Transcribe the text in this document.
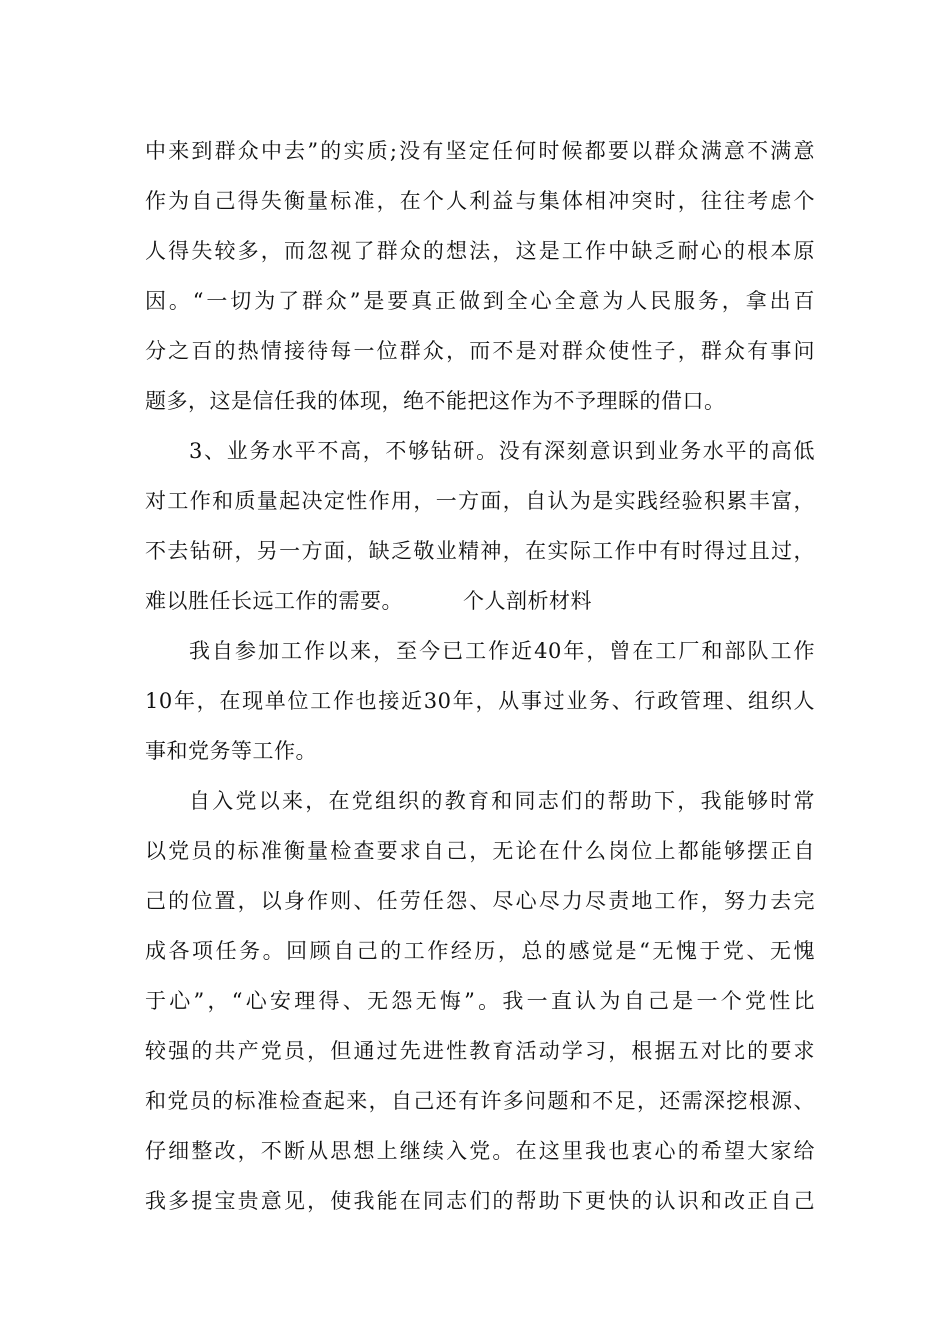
中来到群众中去”的实质;没有坚定任何时候都要以群众满意不满意
作为自己得失衡量标准，在个人利益与集体相冲突时，往往考虑个
人得失较多，而忽视了群众的想法，这是工作中缺乏耐心的根本原
因。“一切为了群众”是要真正做到全心全意为人民服务，拿出百
分之百的热情接待每一位群众，而不是对群众使性子，群众有事问
题多，这是信任我的体现，绝不能把这作为不予理睬的借口。
3、业务水平不高，不够钻研。没有深刻意识到业务水平的高低
对工作和质量起决定性作用，一方面，自认为是实践经验积累丰富，
不去钻研，另一方面，缺乏敬业精神，在实际工作中有时得过且过，
难以胜任长远工作的需要。	个人剖析材料
我自参加工作以来，至今已工作近40年，曾在工厂和部队工作
10年，在现单位工作也接近30年，从事过业务、行政管理、组织人
事和党务等工作。
自入党以来，在党组织的教育和同志们的帮助下，我能够时常
以党员的标准衡量检查要求自己，无论在什么岗位上都能够摆正自
己的位置，以身作则、任劳任怨、尽心尽力尽责地工作，努力去完
成各项任务。回顾自己的工作经历，总的感觉是“无愧于党、无愧
于心”，“心安理得、无怨无悔”。我一直认为自己是一个党性比
较强的共产党员，但通过先进性教育活动学习，根据五对比的要求
和党员的标准检查起来，自己还有许多问题和不足，还需深挖根源、
仔细整改，不断从思想上继续入党。在这里我也衷心的希望大家给
我多提宝贵意见，使我能在同志们的帮助下更快的认识和改正自己
